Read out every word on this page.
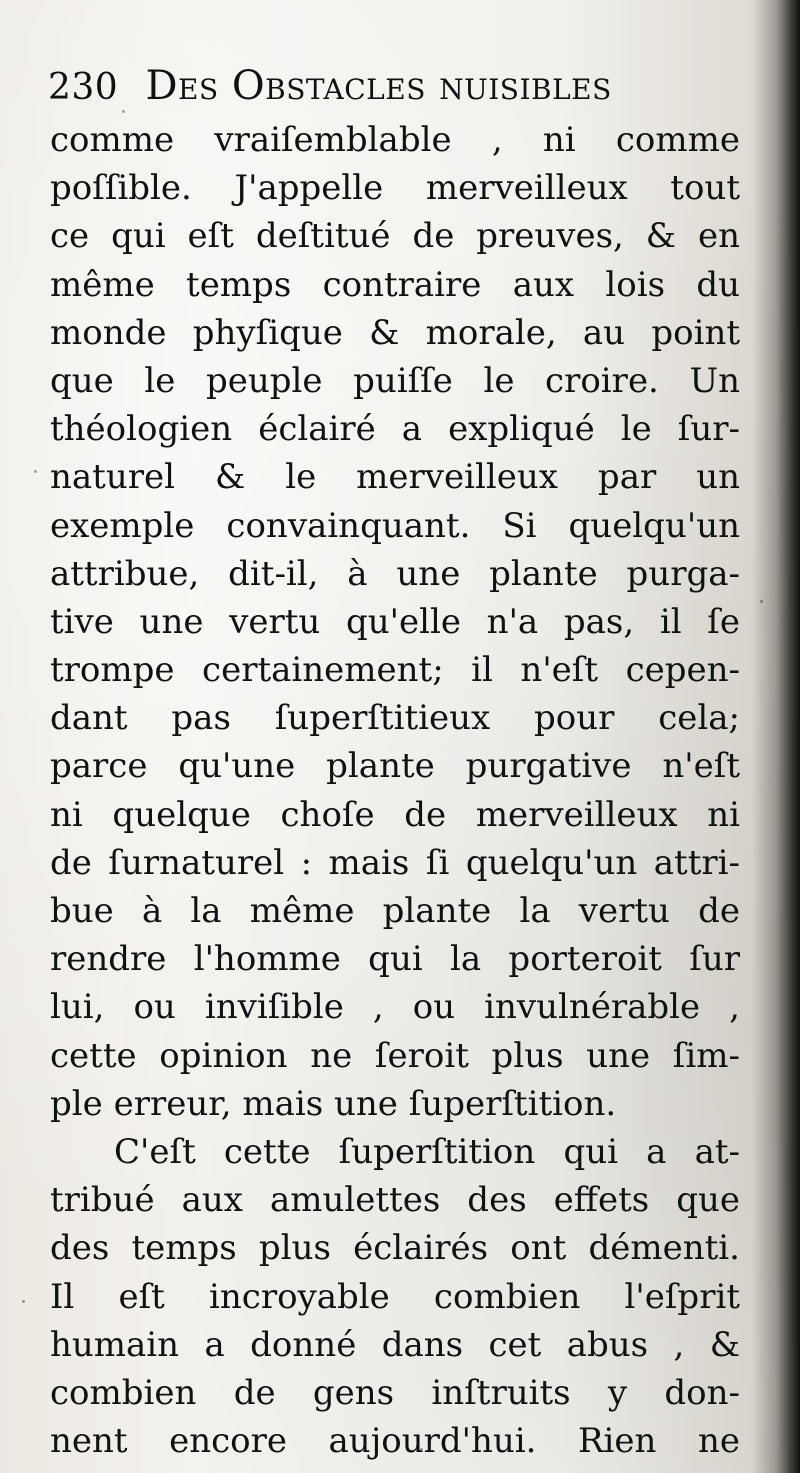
230 Des Obstacles nuisibles
comme vraiſemblable , ni comme
poſſible. J'appelle merveilleux tout
ce qui eſt deſtitué de preuves, & en
même temps contraire aux lois du
monde phyſique & morale, au point
que le peuple puiſſe le croire. Un
théologien éclairé a expliqué le ſur-
naturel & le merveilleux par un
exemple convainquant. Si quelqu'un
attribue, dit-il, à une plante purga-
tive une vertu qu'elle n'a pas, il ſe
trompe certainement; il n'eſt cepen-
dant pas ſuperſtitieux pour cela;
parce qu'une plante purgative n'eſt
ni quelque choſe de merveilleux ni
de ſurnaturel : mais ſi quelqu'un attri-
bue à la même plante la vertu de
rendre l'homme qui la porteroit ſur
lui, ou inviſible , ou invulnérable ,
cette opinion ne ſeroit plus une ſim-
ple erreur, mais une ſuperſtition.
C'eſt cette ſuperſtition qui a at-
tribué aux amulettes des effets que
des temps plus éclairés ont démenti.
Il eſt incroyable combien l'eſprit
humain a donné dans cet abus , &
combien de gens inſtruits y don-
nent encore aujourd'hui. Rien ne
